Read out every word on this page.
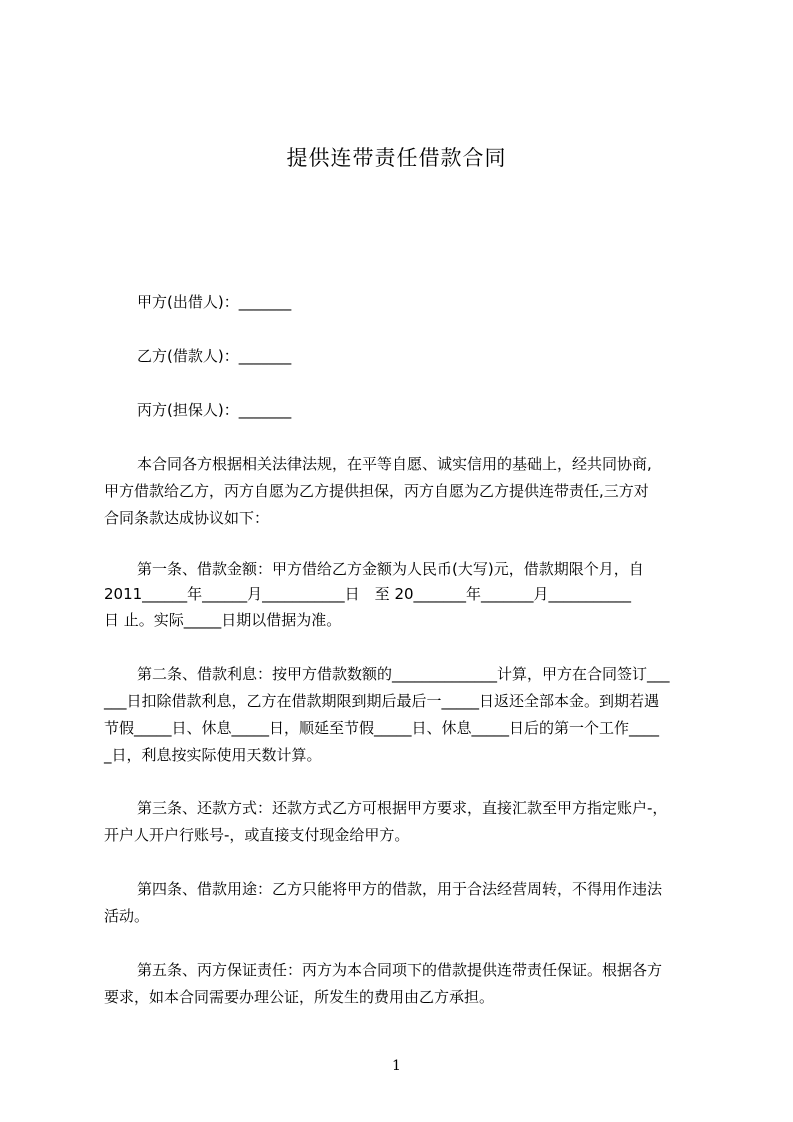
提供连带责任借款合同
甲方(出借人)：_______
乙方(借款人)：_______
丙方(担保人)：_______
本合同各方根据相关法律法规，在平等自愿、诚实信用的基础上，经共同协商,
甲方借款给乙方，丙方自愿为乙方提供担保，丙方自愿为乙方提供连带责任,三方对
合同条款达成协议如下：
第一条、借款金额：甲方借给乙方金额为人民币(大写)元，借款期限个月，自
2011______年______月___________日　至 20_______年_______月___________
日 止。实际_____日期以借据为准。
第二条、借款利息：按甲方借款数额的______________计算，甲方在合同签订___
___日扣除借款利息，乙方在借款期限到期后最后一_____日返还全部本金。到期若遇
节假_____日、休息_____日，顺延至节假_____日、休息_____日后的第一个工作____
_日，利息按实际使用天数计算。
第三条、还款方式：还款方式乙方可根据甲方要求，直接汇款至甲方指定账户-，
开户人开户行账号-，或直接支付现金给甲方。
第四条、借款用途：乙方只能将甲方的借款，用于合法经营周转，不得用作违法
活动。
第五条、丙方保证责任：丙方为本合同项下的借款提供连带责任保证。根据各方
要求，如本合同需要办理公证，所发生的费用由乙方承担。
1
